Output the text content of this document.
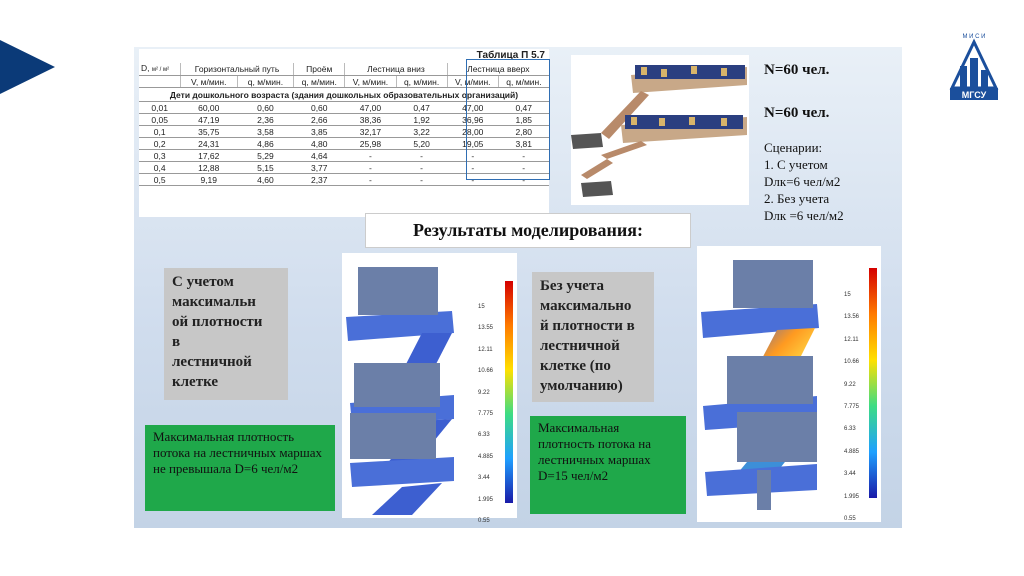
М И С И
МГСУ
Таблица П 5.7
D, м² / м²	Горизонтальный путь		Проём	Лестница вниз		Лестница вверх	
	V, м/мин.	q, м/мин.	q, м/мин.	V, м/мин.	q, м/мин.	V, м/мин.	q, м/мин.
Дети дошкольного возраста (здания дошкольных образовательных организаций)							
0,01	60,00	0,60	0,60	47,00	0,47	47,00	0,47
0,05	47,19	2,36	2,66	38,36	1,92	36,96	1,85
0,1	35,75	3,58	3,85	32,17	3,22	28,00	2,80
0,2	24,31	4,86	4,80	25,98	5,20	19,05	3,81
0,3	17,62	5,29	4,64	-	-	-	-
0,4	12,88	5,15	3,77	-	-	-	-
0,5	9,19	4,60	2,37	-	-	-	-
N=60 чел.
N=60 чел.
Сценарии:
1. С учетом
Dлк=6 чел/м2
2. Без учета
Dлк =6 чел/м2
Результаты моделирования:
С учетом
максимальн
ой плотности
в
лестничной
клетке
Максимальная плотность потока на лестничных маршах не превышала D=6 чел/м2
15
13.55
12.11
10.66
9.22
7.775
6.33
4.885
3.44
1.995
0.55
Без учета
максимально
й плотности в
лестничной
клетке (по
умолчанию)
Максимальная плотность потока на лестничных маршах D=15 чел/м2
15
13.56
12.11
10.66
9.22
7.775
6.33
4.885
3.44
1.995
0.55
